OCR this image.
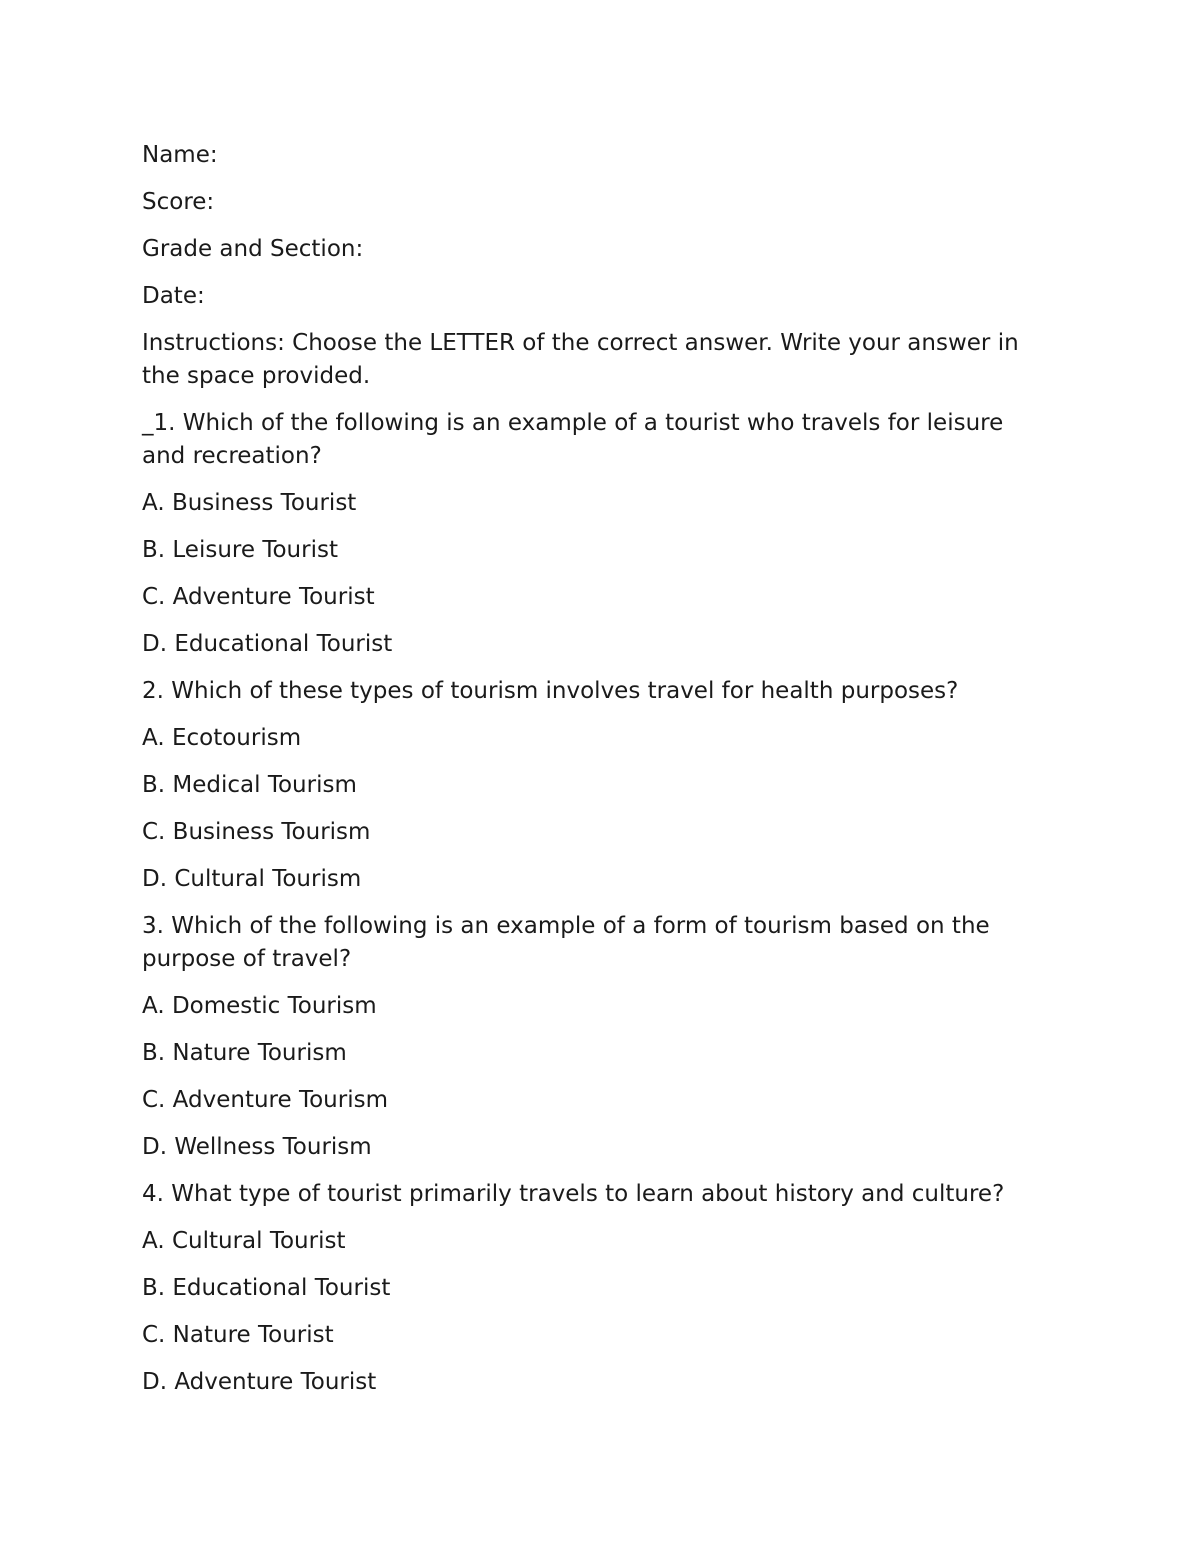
Name:
Score:
Grade and Section:
Date:
Instructions: Choose the LETTER of the correct answer. Write your answer in the space provided.
_1. Which of the following is an example of a tourist who travels for leisure and recreation?
A. Business Tourist
B. Leisure Tourist
C. Adventure Tourist
D. Educational Tourist
2. Which of these types of tourism involves travel for health purposes?
A. Ecotourism
B. Medical Tourism
C. Business Tourism
D. Cultural Tourism
3. Which of the following is an example of a form of tourism based on the purpose of travel?
A. Domestic Tourism
B. Nature Tourism
C. Adventure Tourism
D. Wellness Tourism
4. What type of tourist primarily travels to learn about history and culture?
A. Cultural Tourist
B. Educational Tourist
C. Nature Tourist
D. Adventure Tourist
